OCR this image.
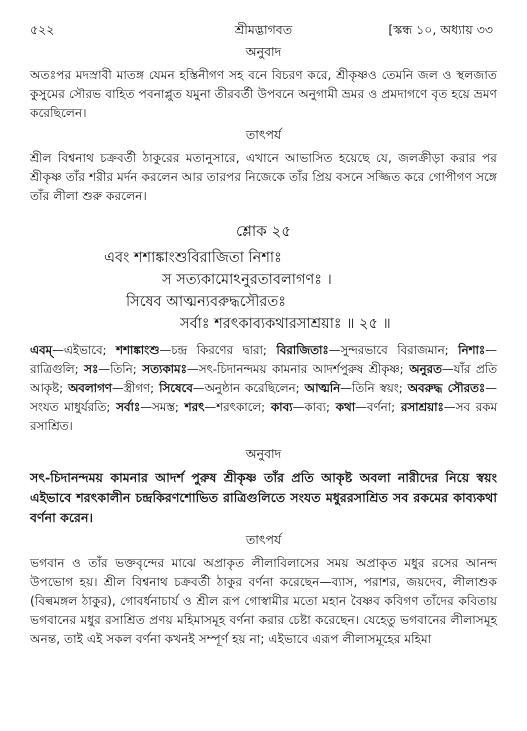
৫২২	শ্রীমদ্ভাগবত	[স্কন্ধ ১০, অধ্যায় ৩৩
অনুবাদ

অতঃপর মদস্রাবী মাতঙ্গ যেমন হস্তিনীগণ সহ বনে বিচরণ করে, শ্রীকৃষ্ণও তেমনি জল ও স্থলজাত কুসুমের সৌরভ বাহিত পবনাপ্লুত যমুনা তীরবর্তী উপবনে অনুগামী ভ্রমর ও প্রমদাগণে বৃত হয়ে ভ্রমণ করেছিলেন।

তাৎপর্য

শ্রীল বিশ্বনাথ চক্রবর্তী ঠাকুরের মতানুসারে, এখানে আভাসিত হয়েছে যে, জলক্রীড়া করার পর শ্রীকৃষ্ণ তাঁর শরীর মর্দন করলেন আর তারপর নিজেকে তাঁর প্রিয় বসনে সজ্জিত করে গোপীগণ সঙ্গে তাঁর লীলা শুরু করলেন।

শ্লোক ২৫
এবং শশাঙ্কাংশুবিরাজিতা নিশাঃ
স সত্যকামোঽনুরতাবলাগণঃ ।
সিষেব আত্মন্যবরুদ্ধসৌরতঃ
সর্বাঃ শরৎকাব্যকথারসাশ্রয়াঃ ॥ ২৫ ॥

এবম্—এইভাবে; শশাঙ্কাংশু—চন্দ্র কিরণের দ্বারা; বিরাজিতাঃ—সুন্দরভাবে বিরাজমান; নিশাঃ—রাত্রিগুলি; সঃ—তিনি; সত্যকামঃ—সৎ-চিদানন্দময় কামনার আদর্শপুরুষ শ্রীকৃষ্ণ; অনুরত—যাঁর প্রতি আকৃষ্ট; অবলাগণ—স্ত্রীগণ; সিষেবে—অনুষ্ঠান করেছিলেন; আত্মনি—তিনি স্বয়ং; অবরুদ্ধ সৌরতঃ—সংযত মাধুর্যরতি; সর্বাঃ—সমস্ত; শরৎ—শরৎকালে; কাব্য—কাব্য; কথা—বর্ণনা; রসাশ্রয়াঃ—সব রকম রসাশ্রিত।

অনুবাদ

সৎ-চিদানন্দময় কামনার আদর্শ পুরুষ শ্রীকৃষ্ণ তাঁর প্রতি আকৃষ্ট অবলা নারীদের নিয়ে স্বয়ং এইভাবে শরৎকালীন চন্দ্রকিরণশোভিত রাত্রিগুলিতে সংযত মধুররসাশ্রিত সব রকমের কাব্যকথা বর্ণনা করেন।

তাৎপর্য

ভগবান ও তাঁর ভক্তবৃন্দের মাঝে অপ্রাকৃত লীলাবিলাসের সময় অপ্রাকৃত মধুর রসের আনন্দ উপভোগ হয়। শ্রীল বিশ্বনাথ চক্রবর্তী ঠাকুর বর্ণনা করেছেন—ব্যাস, পরাশর, জয়দেব, লীলাশুক (বিল্বমঙ্গল ঠাকুর), গোবর্ধনাচার্য ও শ্রীল রূপ গোস্বামীর মতো মহান বৈষ্ণব কবিগণ তাঁদের কবিতায় ভগবানের মধুর রসাশ্রিত প্রণয় মহিমাসমূহ বর্ণনা করার চেষ্টা করেছেন। যেহেতু ভগবানের লীলাসমূহ অনন্ত, তাই এই সকল বর্ণনা কখনই সম্পূর্ণ হয় না; এইভাবে এরূপ লীলাসমূহের মহিমা
